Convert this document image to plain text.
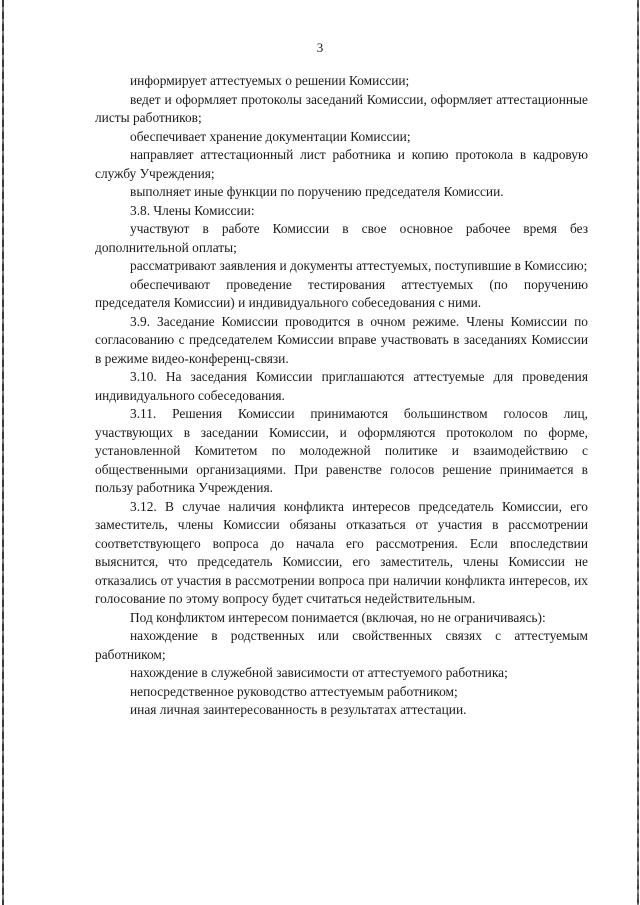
3

информирует аттестуемых о решении Комиссии;

ведет и оформляет протоколы заседаний Комиссии, оформляет аттестационные листы работников;

обеспечивает хранение документации Комиссии;

направляет аттестационный лист работника и копию протокола в кадровую службу Учреждения;

выполняет иные функции по поручению председателя Комиссии.

3.8. Члены Комиссии:

участвуют в работе Комиссии в свое основное рабочее время без дополнительной оплаты;

рассматривают заявления и документы аттестуемых, поступившие в Комиссию;

обеспечивают проведение тестирования аттестуемых (по поручению председателя Комиссии) и индивидуального собеседования с ними.

3.9. Заседание Комиссии проводится в очном режиме. Члены Комиссии по согласованию с председателем Комиссии вправе участвовать в заседаниях Комиссии в режиме видео-конференц-связи.

3.10. На заседания Комиссии приглашаются аттестуемые для проведения индивидуального собеседования.

3.11. Решения Комиссии принимаются большинством голосов лиц, участвующих в заседании Комиссии, и оформляются протоколом по форме, установленной Комитетом по молодежной политике и взаимодействию с общественными организациями. При равенстве голосов решение принимается в пользу работника Учреждения.

3.12. В случае наличия конфликта интересов председатель Комиссии, его заместитель, члены Комиссии обязаны отказаться от участия в рассмотрении соответствующего вопроса до начала его рассмотрения. Если впоследствии выяснится, что председатель Комиссии, его заместитель, члены Комиссии не отказались от участия в рассмотрении вопроса при наличии конфликта интересов, их голосование по этому вопросу будет считаться недействительным.

Под конфликтом интересом понимается (включая, но не ограничиваясь):

нахождение в родственных или свойственных связях с аттестуемым работником;

нахождение в служебной зависимости от аттестуемого работника;

непосредственное руководство аттестуемым работником;

иная личная заинтересованность в результатах аттестации.
